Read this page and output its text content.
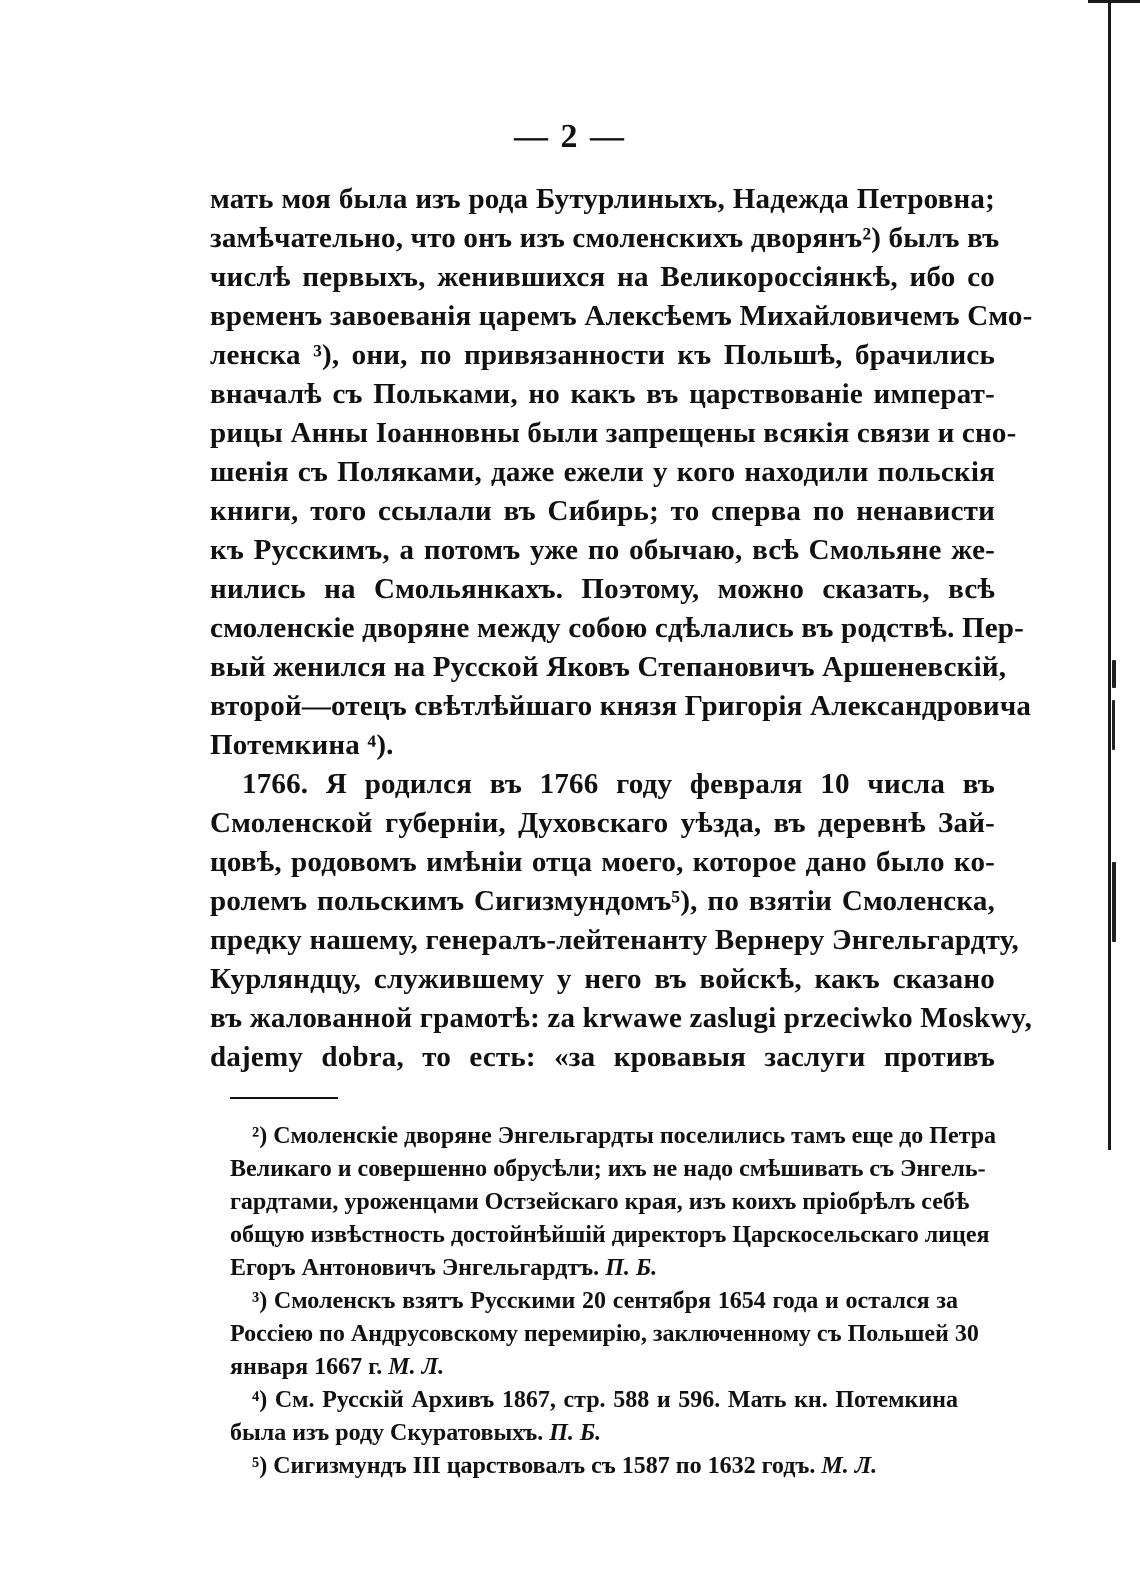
— 2 —
мать моя была изъ рода Бутурлиныхъ, Надежда Петровна;
замѣчательно, что онъ изъ смоленскихъ дворянъ²) былъ въ
числѣ первыхъ, женившихся на Великороссіянкѣ, ибо со
временъ завоеванія царемъ Алексѣемъ Михайловичемъ Смо-
ленска ³), они, по привязанности къ Польшѣ, брачились
вначалѣ съ Польками, но какъ въ царствованіе императ-
рицы Анны Іоанновны были запрещены всякія связи и сно-
шенія съ Поляками, даже ежели у кого находили польскія
книги, того ссылали въ Сибирь; то сперва по ненависти
къ Русскимъ, а потомъ уже по обычаю, всѣ Смольяне же-
нились на Смольянкахъ. Поэтому, можно сказать, всѣ
смоленскіе дворяне между собою сдѣлались въ родствѣ. Пер-
вый женился на Русской Яковъ Степановичъ Аршеневскій,
второй—отецъ свѣтлѣйшаго князя Григорія Александровича
Потемкина ⁴).
1766. Я родился въ 1766 году февраля 10 числа въ
Смоленской губерніи, Духовскаго уѣзда, въ деревнѣ Зай-
цовѣ, родовомъ имѣніи отца моего, которое дано было ко-
ролемъ польскимъ Сигизмундомъ⁵), по взятіи Смоленска,
предку нашему, генералъ-лейтенанту Вернеру Энгельгардту,
Курляндцу, служившему у него въ войскѣ, какъ сказано
въ жалованной грамотѣ: za krwawe zaslugi przeciwko Moskwy,
dajemy dobra, то есть: «за кровавыя заслуги противъ
²) Смоленскіе дворяне Энгельгардты поселились тамъ еще до Петра
Великаго и совершенно обрусѣли; ихъ не надо смѣшивать съ Энгель-
гардтами, уроженцами Остзейскаго края, изъ коихъ пріобрѣлъ себѣ
общую извѣстность достойнѣйшій директоръ Царскосельскаго лицея
Егоръ Антоновичъ Энгельгардтъ. П. Б.
³) Смоленскъ взятъ Русскими 20 сентября 1654 года и остался за
Россіею по Андрусовскому перемирію, заключенному съ Польшей 30
января 1667 г. М. Л.
⁴) См. Русскій Архивъ 1867, стр. 588 и 596. Мать кн. Потемкина
была изъ роду Скуратовыхъ. П. Б.
⁵) Сигизмундъ III царствовалъ съ 1587 по 1632 годъ. М. Л.
